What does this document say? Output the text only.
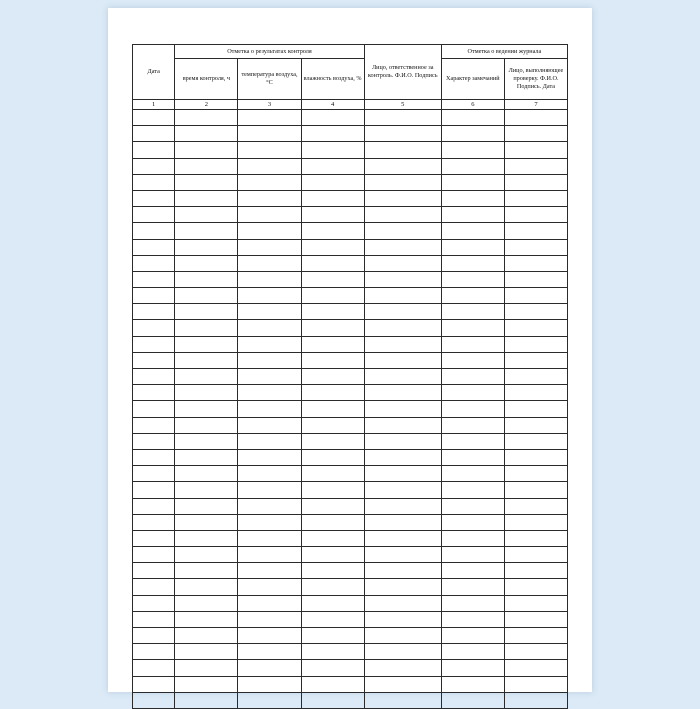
Дата	Отметка о результатах контроля			Лицо, ответственное за контроль. Ф.И.О. Подпись	Отметка о ведении журнала	
	время контроля, ч	температура воздуха, °С	влажность воздуха, %		Характер замечаний	Лицо, выполняющее проверку. Ф.И.О. Подпись. Дата
1	2	3	4	5	6	7
